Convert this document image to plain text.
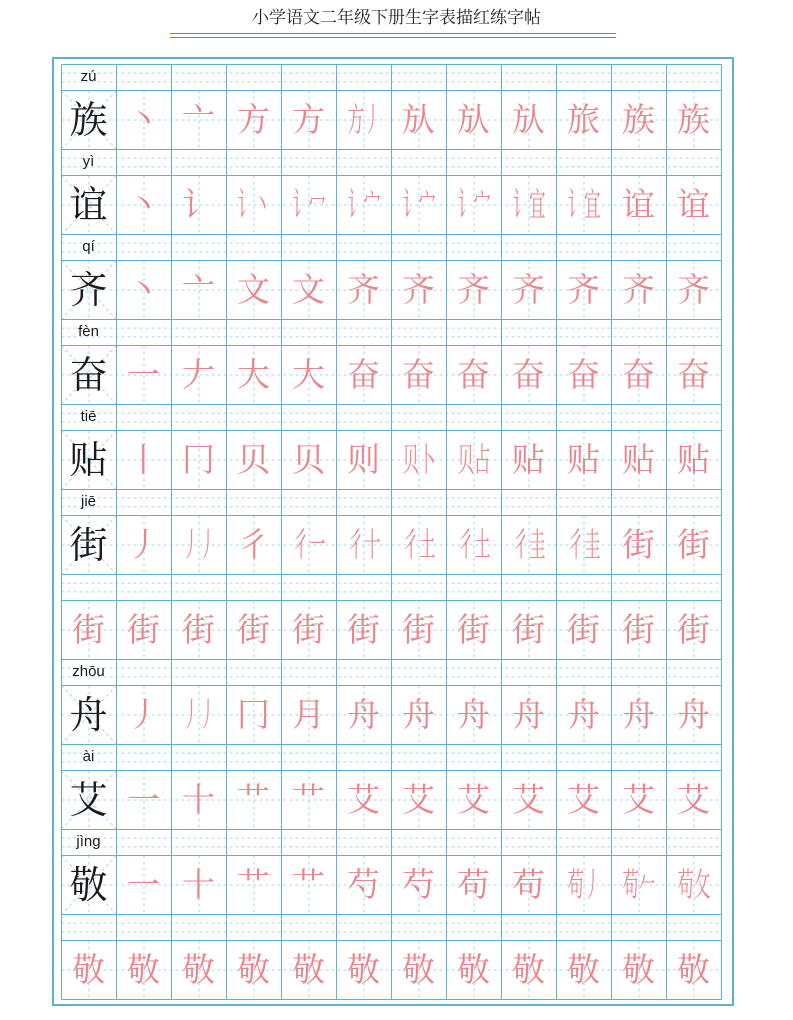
小学语文二年级下册生字表描红练字帖
zú
族 丶 亠 方 方 方丿 㫃 㫃 㫃 旅 族 族
yì
谊 丶 讠 讠丶 讠冖 讠宀 讠宀 讠宀 讠宜 讠宜 谊 谊
qí
齐 丶 亠 文 文 齐 齐 齐 齐 齐 齐 齐
fèn
奋 一 𠂇 大 大 奋 奋 奋 奋 奋 奋 奋
tiē
贴 丨 冂 贝 贝 则 贝卜 贝占 贴 贴 贴 贴
jiē
街 丿 丿丿 彳 彳一 彳十 彳土 彳土 彳圭 彳圭 街 街
街 街 街 街 街 街 街 街 街 街 街 街
zhōu
舟 丿 丿丿 冂 月 舟 舟 舟 舟 舟 舟 舟
ài
艾 一 十 艹 艹 艾 艾 艾 艾 艾 艾 艾
jìng
敬 一 十 艹 艹 芍 芍 苟 苟 苟丿 苟𠂉 苟攵
敬 敬 敬 敬 敬 敬 敬 敬 敬 敬 敬 敬
